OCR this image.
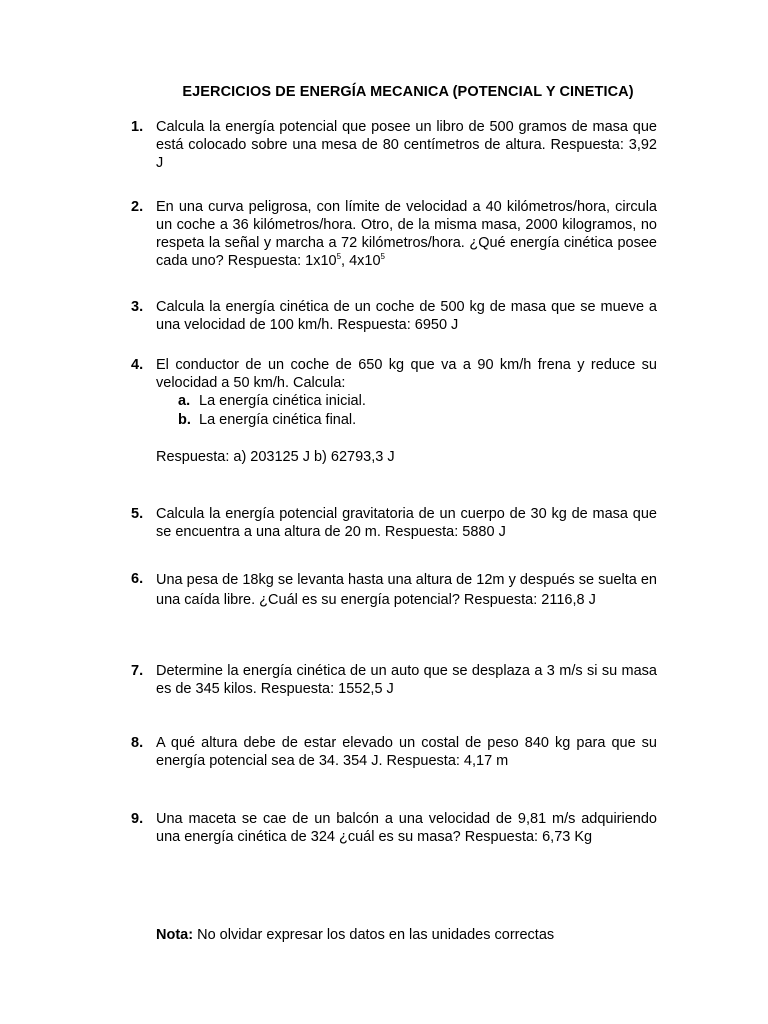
EJERCICIOS DE ENERGÍA MECANICA (POTENCIAL Y CINETICA)
1. Calcula la energía potencial que posee un libro de 500 gramos de masa que está colocado sobre una mesa de 80 centímetros de altura. Respuesta: 3,92 J
2. En una curva peligrosa, con límite de velocidad a 40 kilómetros/hora, circula un coche a 36 kilómetros/hora. Otro, de la misma masa, 2000 kilogramos, no respeta la señal y marcha a 72 kilómetros/hora. ¿Qué energía cinética posee cada uno? Respuesta: $1x10^5$, $4x10^5$
3. Calcula la energía cinética de un coche de 500 kg de masa que se mueve a una velocidad de 100 km/h. Respuesta: 6950 J
4. El conductor de un coche de 650 kg que va a 90 km/h frena y reduce su velocidad a 50 km/h. Calcula:
a. La energía cinética inicial.
b. La energía cinética final.
Respuesta: a) 203125 J b) 62793,3 J
5. Calcula la energía potencial gravitatoria de un cuerpo de 30 kg de masa que se encuentra a una altura de 20 m. Respuesta: 5880 J
6. Una pesa de 18kg se levanta hasta una altura de 12m y después se suelta en una caída libre. ¿Cuál es su energía potencial? Respuesta: 2116,8 J
7. Determine la energía cinética de un auto que se desplaza a 3 m/s si su masa es de 345 kilos. Respuesta: 1552,5 J
8. A qué altura debe de estar elevado un costal de peso 840 kg para que su energía potencial sea de 34. 354 J. Respuesta: 4,17 m
9. Una maceta se cae de un balcón a una velocidad de 9,81 m/s adquiriendo una energía cinética de 324 ¿cuál es su masa? Respuesta: 6,73 Kg
Nota: No olvidar expresar los datos en las unidades correctas
